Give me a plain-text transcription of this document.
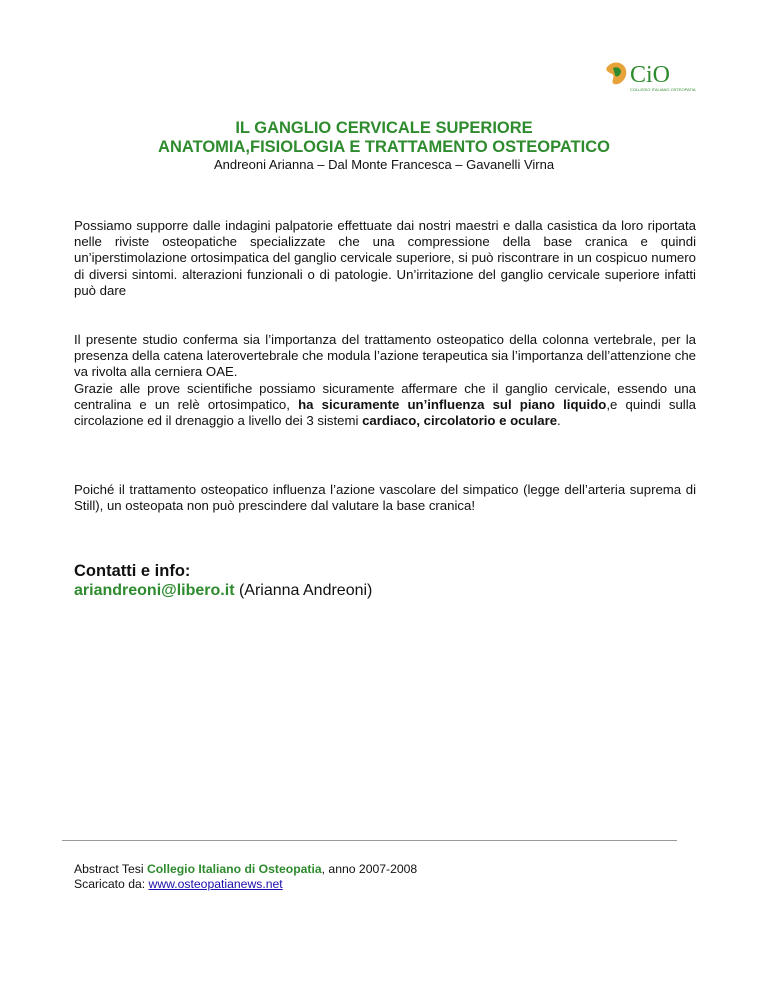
CiO
COLLEGIO ITALIANO OSTEOPATIA
IL GANGLIO CERVICALE SUPERIORE
ANATOMIA,FISIOLOGIA E TRATTAMENTO OSTEOPATICO
Andreoni Arianna – Dal Monte Francesca – Gavanelli Virna

Possiamo supporre dalle indagini palpatorie effettuate dai nostri maestri e dalla casistica da loro riportata nelle riviste osteopatiche specializzate che una compressione della base cranica e quindi un’iperstimolazione ortosimpatica del ganglio cervicale superiore, si può riscontrare in un cospicuo numero di diversi sintomi. alterazioni funzionali o di patologie. Un’irritazione del ganglio cervicale superiore infatti può dare

Il presente studio conferma sia l’importanza del trattamento osteopatico della colonna vertebrale, per la presenza della catena laterovertebrale che modula l’azione terapeutica sia l’importanza dell’attenzione che va rivolta alla cerniera OAE.

Grazie alle prove scientifiche possiamo sicuramente affermare che il ganglio cervicale, essendo una centralina e un relè ortosimpatico, ha sicuramente un’influenza sul piano liquido,e quindi sulla circolazione ed il drenaggio a livello dei 3 sistemi cardiaco, circolatorio e oculare.

Poiché il trattamento osteopatico influenza l’azione vascolare del simpatico (legge dell’arteria suprema di Still), un osteopata non può prescindere dal valutare la base cranica!

Contatti e info:
ariandreoni@libero.it (Arianna Andreoni)
Abstract Tesi Collegio Italiano di Osteopatia, anno 2007-2008
Scaricato da: www.osteopatianews.net
